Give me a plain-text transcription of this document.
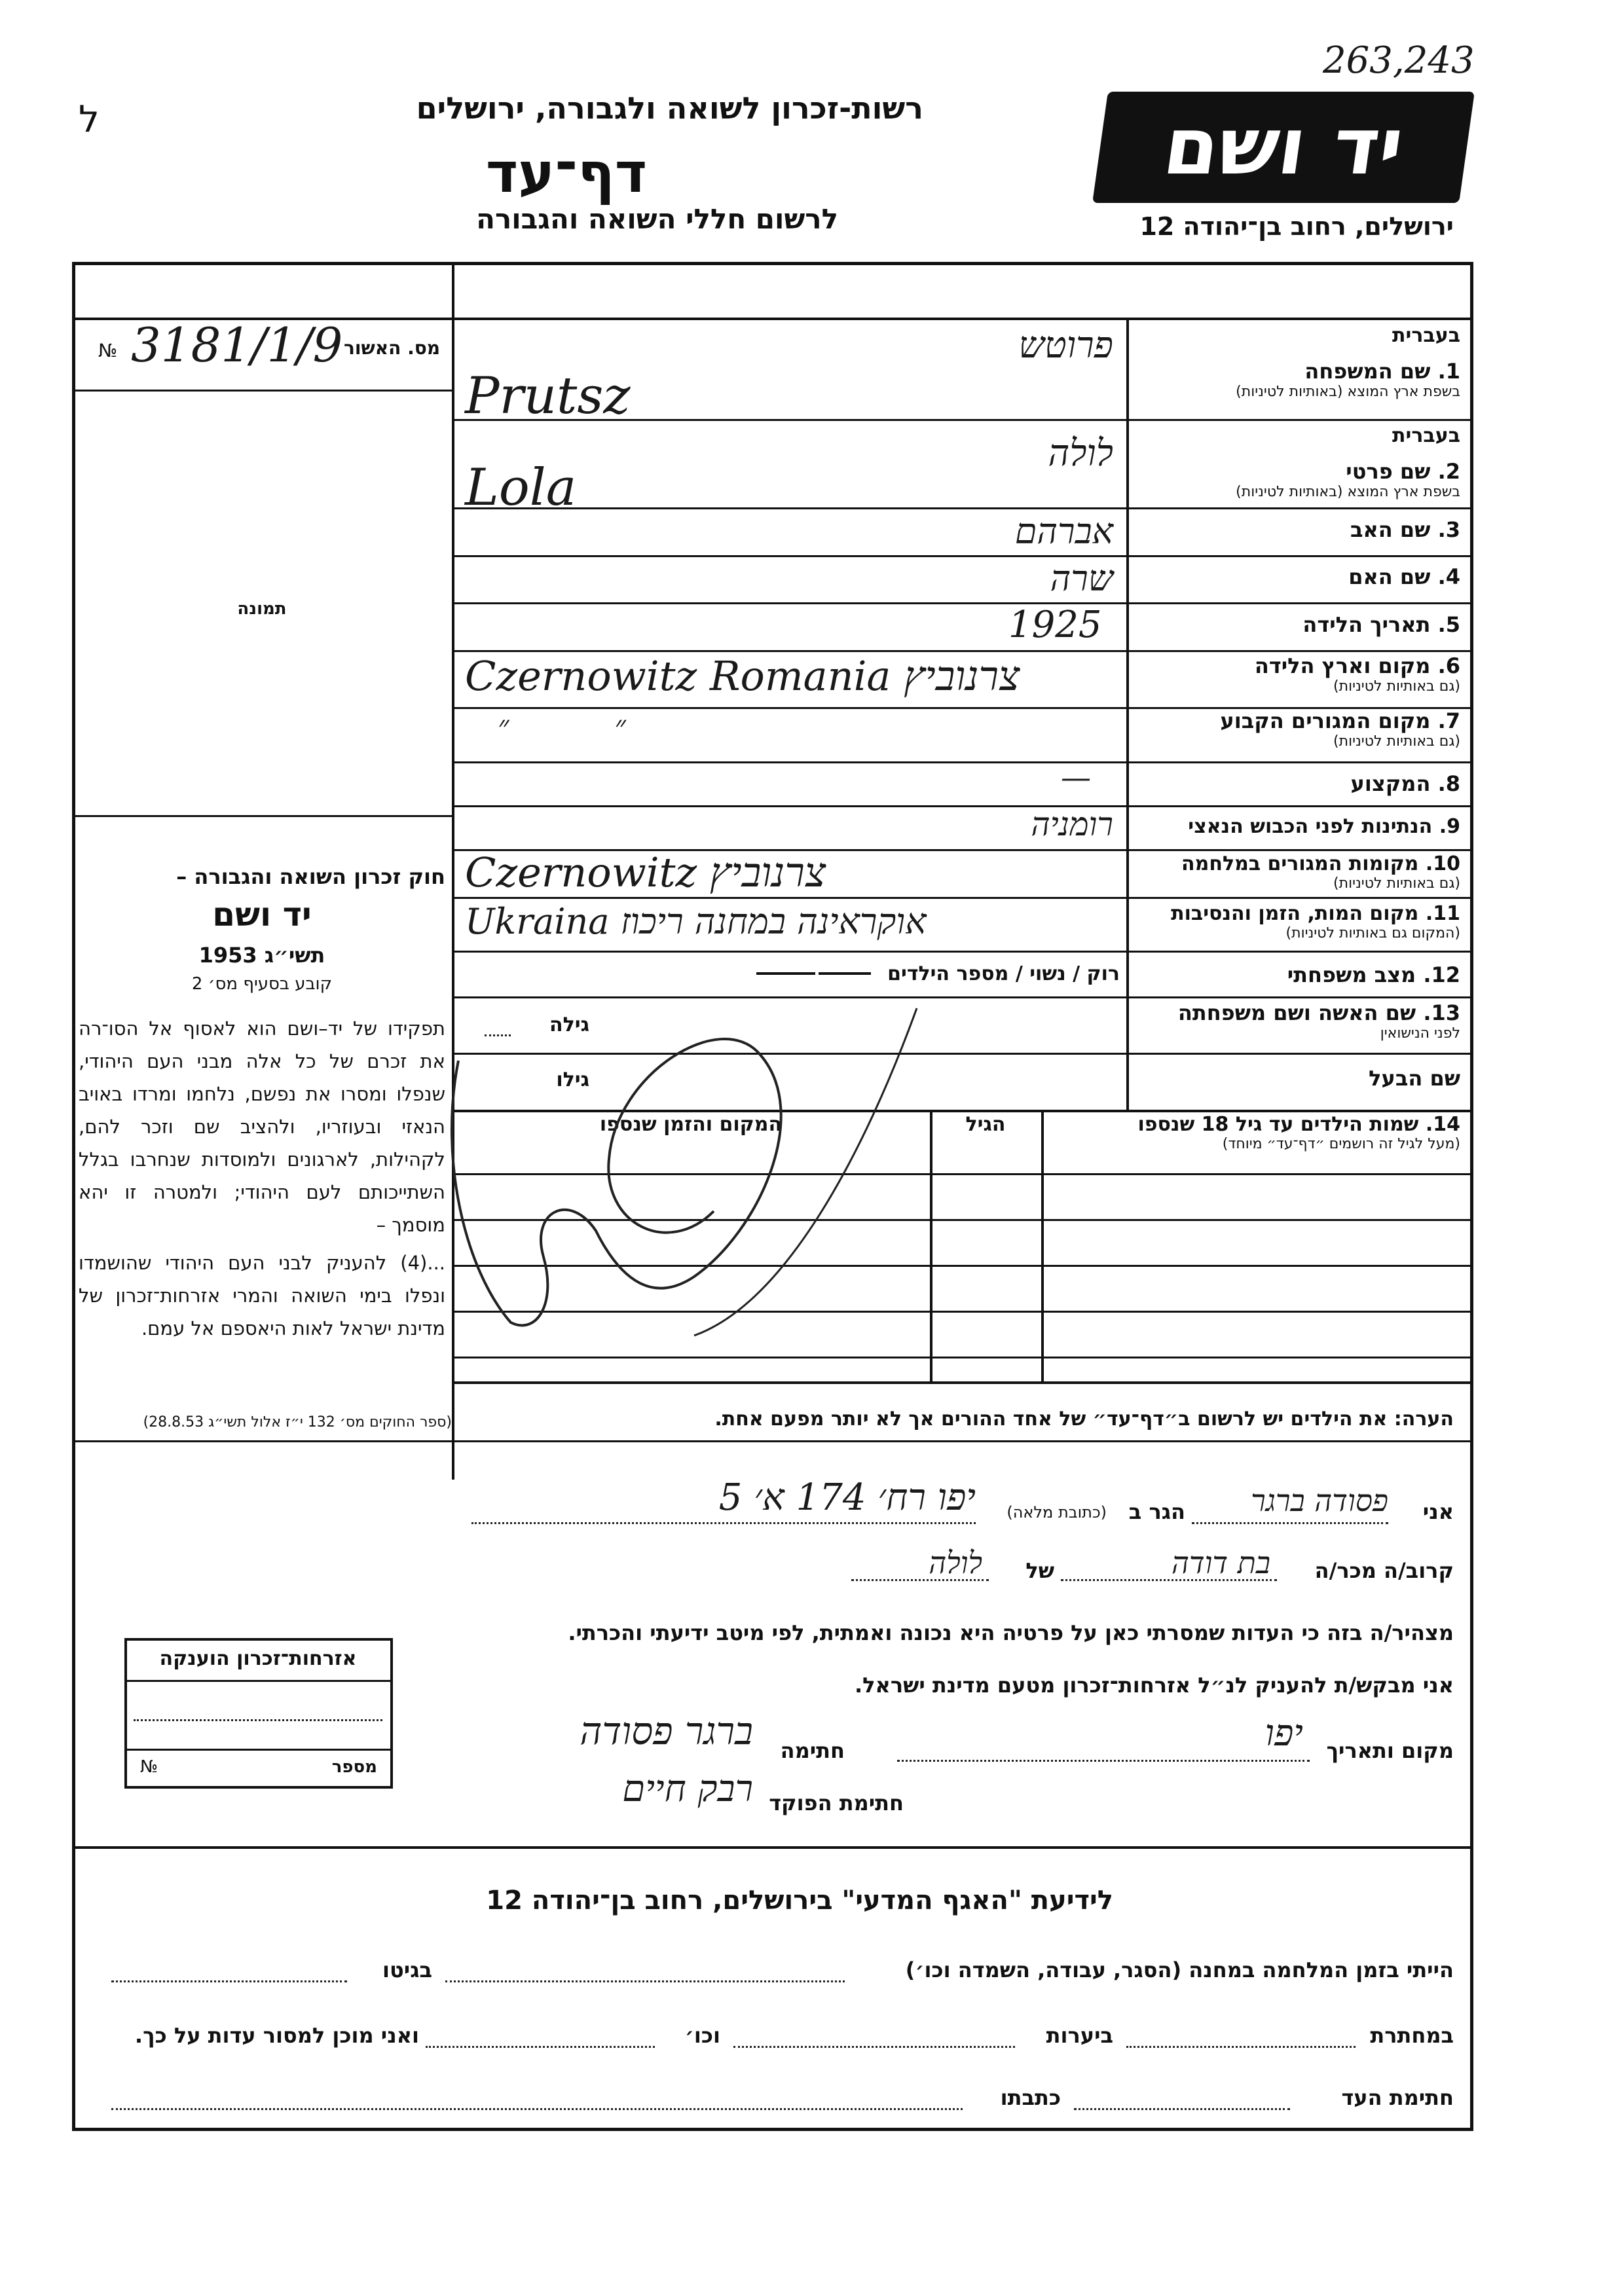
263,243
ל	יד ושם
רשות-זכרון לשואה ולגבורה, ירושלים
דף־עד
לרשום חללי השואה והגבורה	ירושלים, רחוב בן־יהודה 12
מס. האשור
3181/1/9
№
תמונה
חוק זכרון השואה והגבורה –
יד ושם
תשי״ג 1953
קובע בסעיף מס׳ 2
תפקידו של יד–ושם הוא לאסוף אל הסו־רה את זכרם של כל אלה מבני העם היהודי, שנפלו ומסרו את נפשם, נלחמו ומרדו באויב הנאזי ובעוזריו, ולהציב שם וזכר להם, לקהילות, לארגונים ולמוסדות שנחרבו בגלל השתייכותם לעם היהודי; ולמטרה זו יהא מוסמך –
...(4) להעניק לבני העם היהודי שהושמדו ונפלו בימי השואה והמרי אזרחות־זכרון של מדינת ישראל לאות היאספם אל עמם.
(ספר החוקים מס׳ 132 י״ז אלול תשי״ג 28.8.53)
בעברית
1. שם המשפחה
בשפת ארץ המוצא (באותיות לטיניות)
פרוטש
Prutsz
בעברית
2. שם פרטי
בשפת ארץ המוצא (באותיות לטיניות)
לולה
Lola
3. שם האב
אברהם
4. שם האם
שרה
5. תאריך הלידה
1925
6. מקום וארץ הלידה
(גם באותיות לטיניות)
Czernowitz Romania צרנוביץ
7. מקום המגורים הקבוע
(גם באותיות לטיניות)
״           ״
8. המקצוע
—
9. הנתינות לפני הכבוש הנאצי
רומניה
10. מקומות המגורים במלחמה
(גם באותיות לטיניות)
Czernowitz צרנוביץ
11. מקום המות, הזמן והנסיבות
(המקום גם באותיות לטיניות)
Ukraina אוקראינה במחנה ריכוז
12. מצב משפחתי
רוק / נשוי / מספר הילדים
13. שם האשה ושם משפחתה
לפני הנישואין
גילה
שם הבעל
גילו
14. שמות הילדים עד גיל 18 שנספו
(מעל לגיל זה רושמים ״דף־עד״ מיוחד)
הגיל
המקום והזמן שנספו
הערה: את הילדים יש לרשום ב״דף־עד״ של אחד ההורים אך לא יותר מפעם אחת.
אני
פסודה ברגר
הגר ב
(כתובת מלאה)
יפו רח׳ 174 א׳ 5
קרוב/ה מכר/ה
בת דודה
של
לולה
מצהיר/ה בזה כי העדות שמסרתי כאן על פרטיה היא נכונה ואמתית, לפי מיטב ידיעתי והכרתי.
אזרחות־זכרון הוענקה
מספר
№
אני מבקש/ת להעניק לנ״ל אזרחות־זכרון מטעם מדינת ישראל.
מקום ותאריך
יפו
חתימה
ברגר פסודה
חתימת הפוקד
רבק חיים
לידיעת "האגף המדעי" בירושלים, רחוב בן־יהודה 12
הייתי בזמן המלחמה במחנה (הסגר, עבודה, השמדה וכו׳)
בגיטו
במחתרת
ביערות
וכו׳
ואני מוכן למסור עדות על כך.
חתימת העד
כתבתו
